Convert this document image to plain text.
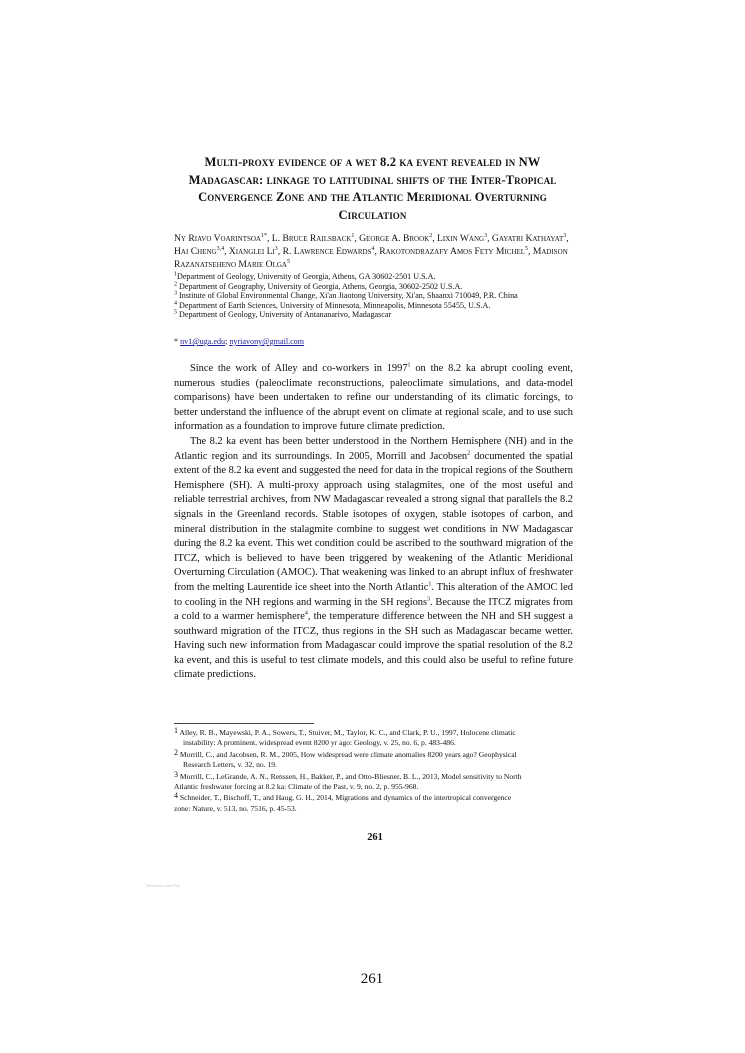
Multi-proxy evidence of a wet 8.2 ka event revealed in NW Madagascar: linkage to latitudinal shifts of the Inter-Tropical Convergence Zone and the Atlantic Meridional Overturning Circulation
Ny Riavo Voarintsoa$^{1*}$, L. Bruce Railsback$^1$, George A. Brook$^2$, Lixin Wang$^3$, Gayatri Kathayat$^3$, Hai Cheng$^{3,4}$, Xianglei Li$^3$, R. Lawrence Edwards$^4$, Rakotondrazafy Amos Fety Michel$^5$, Madison Razanatseheno Marie Olga$^5$
$^1$Department of Geology, University of Georgia, Athens, GA 30602-2501 U.S.A.
$^2$ Department of Geography, University of Georgia, Athens, Georgia, 30602-2502 U.S.A.
$^3$ Institute of Global Environmental Change, Xi'an Jiaotong University, Xi'an, Shaanxi 710049, P.R. China
$^4$ Department of Earth Sciences, University of Minnesota, Minneapolis, Minnesota 55455, U.S.A.
$^5$ Department of Geology, University of Antananarivo, Madagascar
* nv1@uga.edu; nyriavony@gmail.com

Since the work of Alley and co-workers in 1997$^1$ on the 8.2 ka abrupt cooling event, numerous studies (paleoclimate reconstructions, paleoclimate simulations, and data-model comparisons) have been undertaken to refine our understanding of its climatic forcings, to better understand the influence of the abrupt event on climate at regional scale, and to use such information as a foundation to improve future climate prediction.

The 8.2 ka event has been better understood in the Northern Hemisphere (NH) and in the Atlantic region and its surroundings. In 2005, Morrill and Jacobsen$^2$ documented the spatial extent of the 8.2 ka event and suggested the need for data in the tropical regions of the Southern Hemisphere (SH). A multi-proxy approach using stalagmites, one of the most useful and reliable terrestrial archives, from NW Madagascar revealed a strong signal that parallels the 8.2 signals in the Greenland records. Stable isotopes of oxygen, stable isotopes of carbon, and mineral distribution in the stalagmite combine to suggest wet conditions in NW Madagascar during the 8.2 ka event. This wet condition could be ascribed to the southward migration of the ITCZ, which is believed to have been triggered by weakening of the Atlantic Meridional Overturning Circulation (AMOC). That weakening was linked to an abrupt influx of freshwater from the melting Laurentide ice sheet into the North Atlantic$^1$. This alteration of the AMOC led to cooling in the NH regions and warming in the SH regions$^3$. Because the ITCZ migrates from a cold to a warmer hemisphere$^4$, the temperature difference between the NH and SH suggest a southward migration of the ITCZ, thus regions in the SH such as Madagascar became wetter. Having such new information from Madagascar could improve the spatial resolution of the 8.2 ka event, and this is useful to test climate models, and this could also be useful to refine future climate predictions.

$^1$ Alley, R. B., Mayewski, P. A., Sowers, T., Stuiver, M., Taylor, K. C., and Clark, P. U., 1997, Holocene climatic
instability: A prominent, widespread event 8200 yr ago: Geology, v. 25, no. 6, p. 483-486.
$^2$ Morrill, C., and Jacobsen, R. M., 2005, How widespread were climate anomalies 8200 years ago? Geophysical
Research Letters, v. 32, no. 19.
$^3$ Morrill, C., LeGrande, A. N., Renssen, H., Bakker, P., and Otto-Bliesner, B. L., 2013, Model sensitivity to North
Atlantic freshwater forcing at 8.2 ka: Climate of the Past, v. 9, no. 2, p. 955-968.
$^4$ Schneider, T., Bischoff, T., and Haug, G. H., 2014, Migrations and dynamics of the intertropical convergence
zone: Nature, v. 513, no. 7516, p. 45-53.
261
Recorded from Pdf
261
